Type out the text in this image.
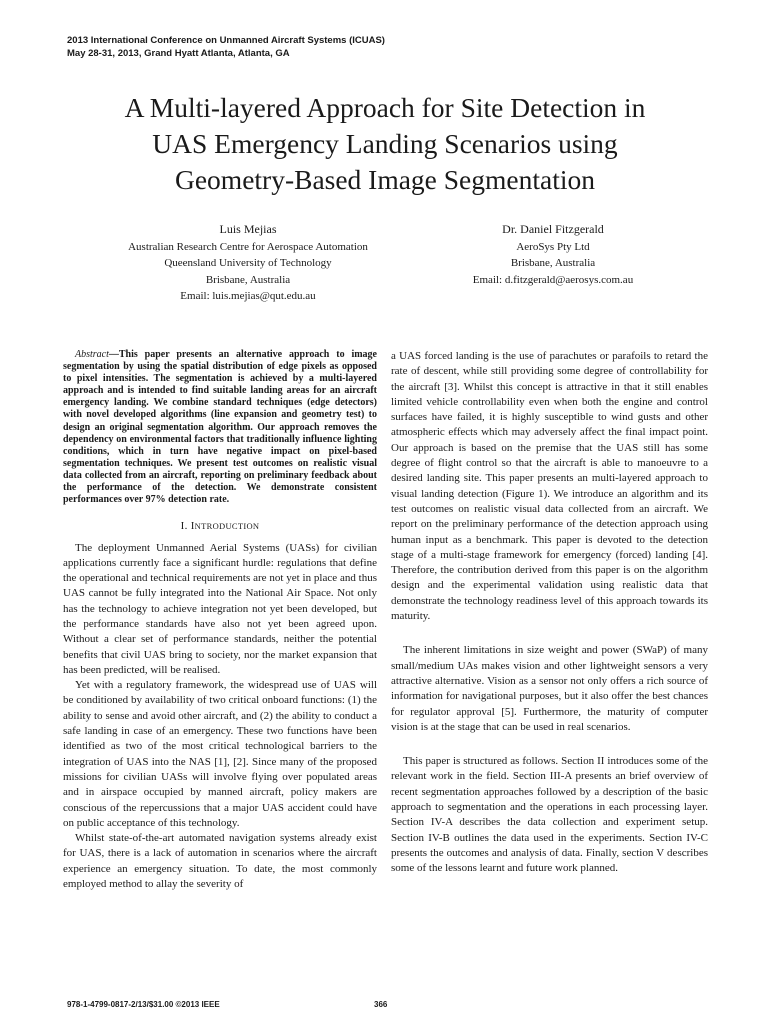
2013 International Conference on Unmanned Aircraft Systems (ICUAS)
May 28-31, 2013, Grand Hyatt Atlanta, Atlanta, GA
A Multi-layered Approach for Site Detection in
UAS Emergency Landing Scenarios using
Geometry-Based Image Segmentation
Luis Mejias
Australian Research Centre for Aerospace Automation
Queensland University of Technology
Brisbane, Australia
Email: luis.mejias@qut.edu.au
Dr. Daniel Fitzgerald
AeroSys Pty Ltd
Brisbane, Australia
Email: d.fitzgerald@aerosys.com.au

Abstract—This paper presents an alternative approach to image segmentation by using the spatial distribution of edge pixels as opposed to pixel intensities. The segmentation is achieved by a multi-layered approach and is intended to find suitable landing areas for an aircraft emergency landing. We combine standard techniques (edge detectors) with novel developed algorithms (line expansion and geometry test) to design an original segmentation algorithm. Our approach removes the dependency on environmental factors that traditionally influence lighting conditions, which in turn have negative impact on pixel-based segmentation techniques. We present test outcomes on realistic visual data collected from an aircraft, reporting on preliminary feedback about the performance of the detection. We demonstrate consistent performances over 97% detection rate.

I. INTRODUCTION

The deployment Unmanned Aerial Systems (UASs) for civilian applications currently face a significant hurdle: regulations that define the operational and technical requirements are not yet in place and thus UAS cannot be fully integrated into the National Air Space. Not only has the technology to achieve integration not yet been developed, but the performance standards have also not yet been agreed upon. Without a clear set of performance standards, neither the potential benefits that civil UAS bring to society, nor the market expansion that has been predicted, will be realised.

Yet with a regulatory framework, the widespread use of UAS will be conditioned by availability of two critical onboard functions: (1) the ability to sense and avoid other aircraft, and (2) the ability to conduct a safe landing in case of an emergency. These two functions have been identified as two of the most critical technological barriers to the integration of UAS into the NAS [1], [2]. Since many of the proposed missions for civilian UASs will involve flying over populated areas and in airspace occupied by manned aircraft, policy makers are conscious of the repercussions that a major UAS accident could have on public acceptance of this technology.

Whilst state-of-the-art automated navigation systems already exist for UAS, there is a lack of automation in scenarios where the aircraft experience an emergency situation. To date, the most commonly employed method to allay the severity of

a UAS forced landing is the use of parachutes or parafoils to retard the rate of descent, while still providing some degree of controllability for the aircraft [3]. Whilst this concept is attractive in that it still enables limited vehicle controllability even when both the engine and control surfaces have failed, it is highly susceptible to wind gusts and other atmospheric effects which may adversely affect the final impact point. Our approach is based on the premise that the UAS still has some degree of flight control so that the aircraft is able to manoeuvre to a desired landing site. This paper presents an multi-layered approach to visual landing detection (Figure 1). We introduce an algorithm and its test outcomes on realistic visual data collected from an aircraft. We report on the preliminary performance of the detection approach using human input as a benchmark. This paper is devoted to the detection stage of a multi-stage framework for emergency (forced) landing [4]. Therefore, the contribution derived from this paper is on the algorithm design and the experimental validation using realistic data that demonstrate the technology readiness level of this approach towards its maturity.

The inherent limitations in size weight and power (SWaP) of many small/medium UAs makes vision and other lightweight sensors a very attractive alternative. Vision as a sensor not only offers a rich source of information for navigational purposes, but it also offer the best chances for regulator approval [5]. Furthermore, the maturity of computer vision is at the stage that can be used in real scenarios.

This paper is structured as follows. Section II introduces some of the relevant work in the field. Section III-A presents an brief overview of recent segmentation approaches followed by a description of the basic approach to segmentation and the operations in each processing layer. Section IV-A describes the data collection and experiment setup. Section IV-B outlines the data used in the experiments. Section IV-C presents the outcomes and analysis of data. Finally, section V describes some of the lessons learnt and future work planned.

978-1-4799-0817-2/13/$31.00 ©2013 IEEE	366
